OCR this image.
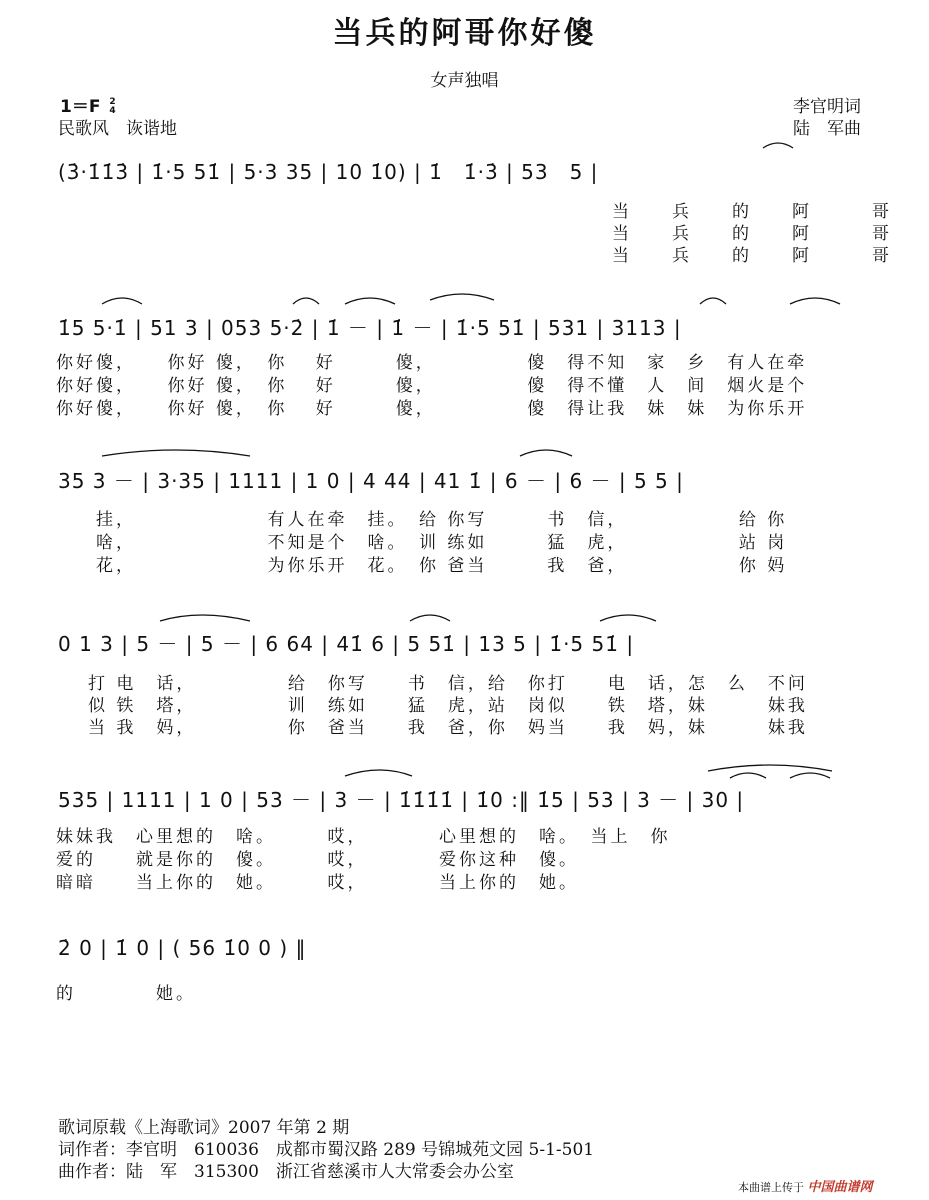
当兵的阿哥你好傻
女声独唱
1＝F 2
4
民歌风　诙谐地
李官明词
陆　军曲
(3̇·1̇1̇3̇ | 1̇·5 51̇ | 5·3 35 | 10 1̇0) | 1̇　1̇·3̇ | 53　5 |
当　　兵　　的　　阿　　　哥
当　　兵　　的　　阿　　　哥
当　　兵　　的　　阿　　　哥
1̇5 5·1̇ | 51 3 | 053 5·2̇ | 1̇ － | 1̇ － | 1̇·5 51̇ | 531 | 3113 |
你好傻，　　你好 傻，　你　 好　　　傻，　　　　　傻　得不知　家　乡　有人在牵
你好傻，　　你好 傻，　你　 好　　　傻，　　　　　傻　得不懂　人　间　烟火是个
你好傻，　　你好 傻，　你　 好　　　傻，　　　　　傻　得让我　妹　妹　为你乐开
35 3 － | 3·35 | 1111 | 1 0 | 4 44 | 41 1̇ | 6 － | 6 － | 5 5 |
挂，　　　　　　　有人在牵　挂。　给 你写　　　书　信，　　　　　　给 你
啥，　　　　　　　不知是个　啥。　训 练如　　　猛　虎，　　　　　　站 岗
花，　　　　　　　为你乐开　花。　你 爸当　　　我　爸，　　　　　　你 妈
0 1 3 | 5 － | 5 － | 6 64 | 41̇ 6 | 5 51̇ | 13 5 | 1̇·5 51̇ |
打 电　话，　　　　　给　你写　　书　信，给　你打　　电　话，怎　么　不问
似 铁　塔，　　　　　训　练如　　猛　虎，站　岗似　　铁　塔，妹　　　妹我
当 我　妈，　　　　　你　爸当　　我　爸，你　妈当　　我　妈，妹　　　妹我
535 | 1111 | 1 0 | 53 － | 3 － | 1̇1̇1̇1̇ | 1̇0 :‖ 1̇5 | 53 | 3 － | 30 |
妹妹我　心里想的　啥。　　　哎，　　　　心里想的　啥。　当上　你
爱的　　就是你的　傻。　　　哎，　　　　爱你这种　傻。
暗暗　　当上你的　她。　　　哎，　　　　当上你的　她。
2̇ 0 | 1̇ 0 | ( 56 1̇0 0 ) ‖
的　　　　她。
歌词原载《上海歌词》2007 年第 2 期
词作者：李官明　610036　成都市蜀汉路 289 号锦城苑文园 5-1-501
曲作者：陆　军　315300　浙江省慈溪市人大常委会办公室
本曲谱上传于 中国曲谱网
